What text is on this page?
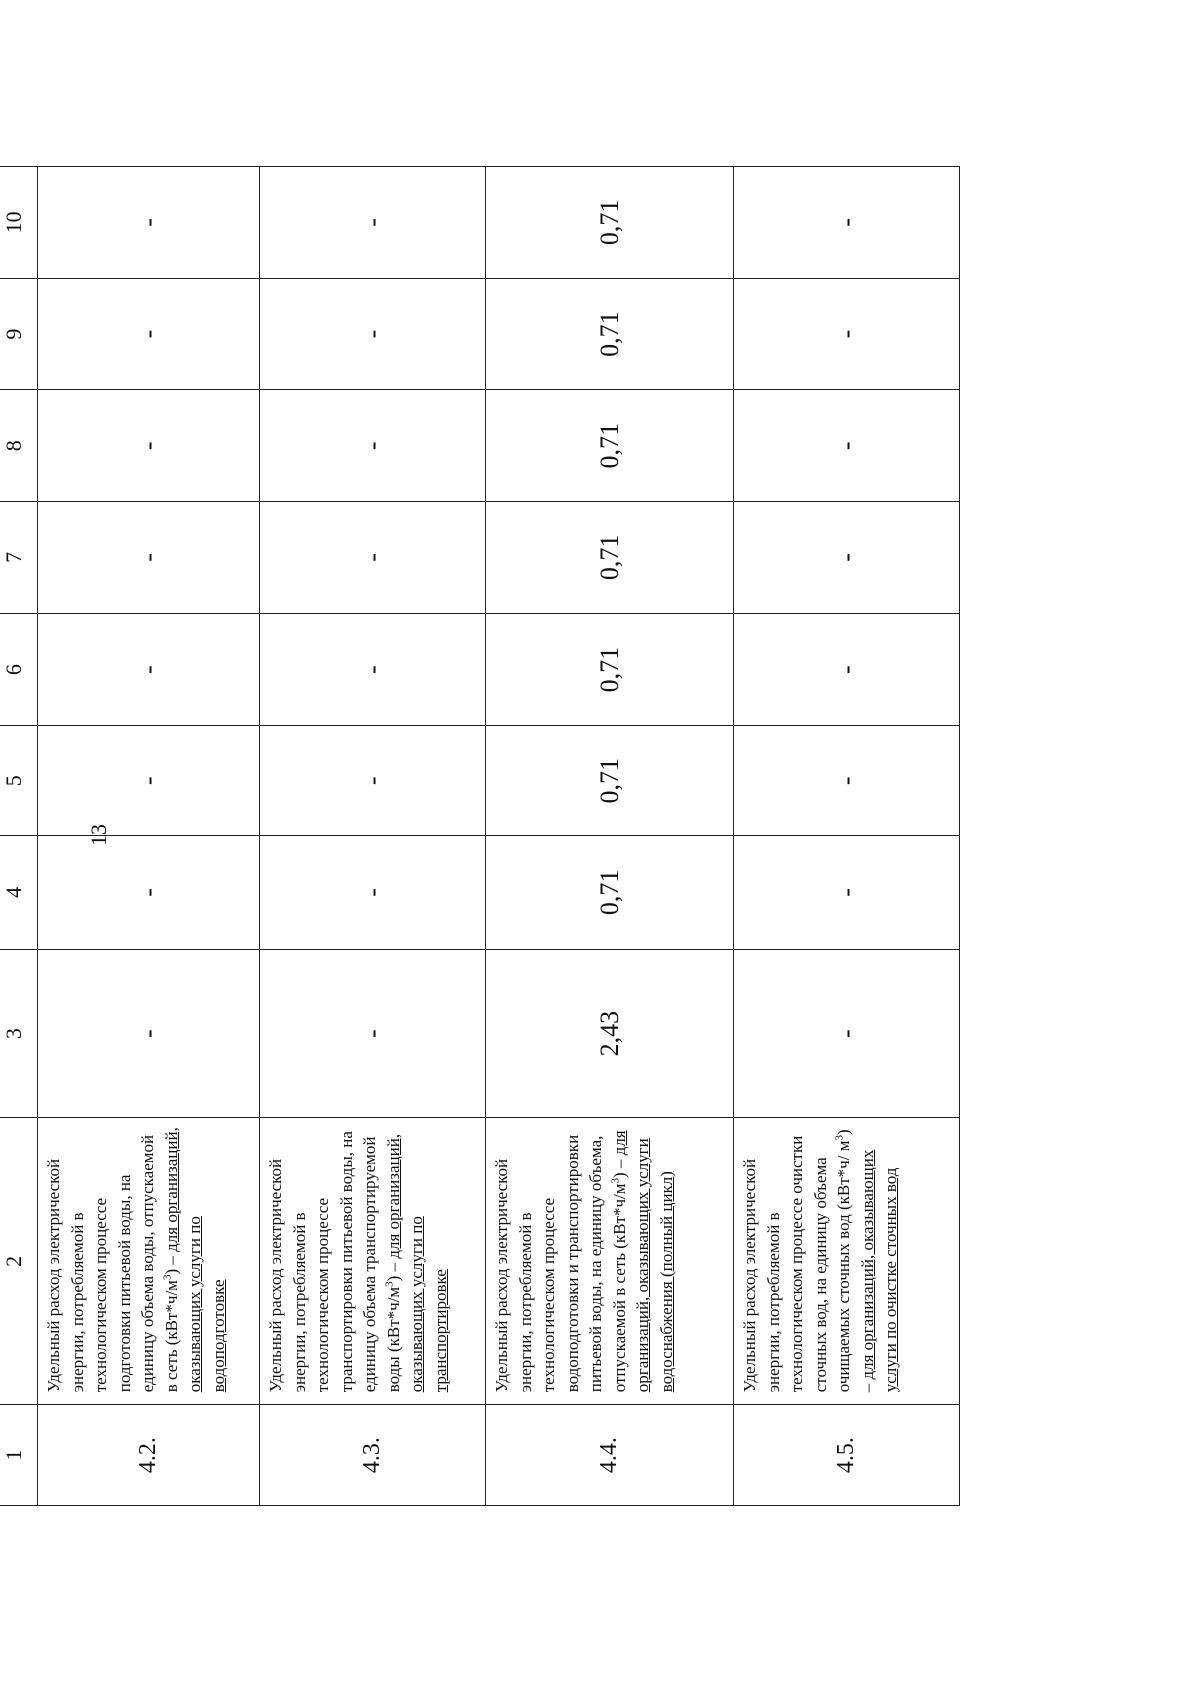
13
1	2	3	4	5	6	7	8	9	10
4.2.	Удельный расход электрической энергии, потребляемой в технологическом процессе подготовки питьевой воды, на единицу объема воды, отпускаемой в сеть $(кВт*ч/м^3)$ – для организаций, оказывающих услуги по водоподготовке	-	-	-	-	-	-	-	-
4.3.	Удельный расход электрической энергии, потребляемой в технологическом процессе транспортировки питьевой воды, на единицу объема транспортируемой воды $(кВт*ч/м^3)$ – для организаций, оказывающих услуги по транспортировке	-	-	-	-	-	-	-	-
4.4.	Удельный расход электрической энергии, потребляемой в технологическом процессе водоподготовки и транспортировки питьевой воды, на единицу объема, отпускаемой в сеть $(кВт*ч/м^3)$ – для организаций, оказывающих услуги водоснабжения (полный цикл)	2,43	0,71	0,71	0,71	0,71	0,71	0,71	0,71
4.5.	Удельный расход электрической энергии, потребляемой в технологическом процессе очистки сточных вод, на единицу объема очищаемых сточных вод (кВт*ч/ $м^3$) – для организаций, оказывающих услуги по очистке сточных вод	-	-	-	-	-	-	-	-
